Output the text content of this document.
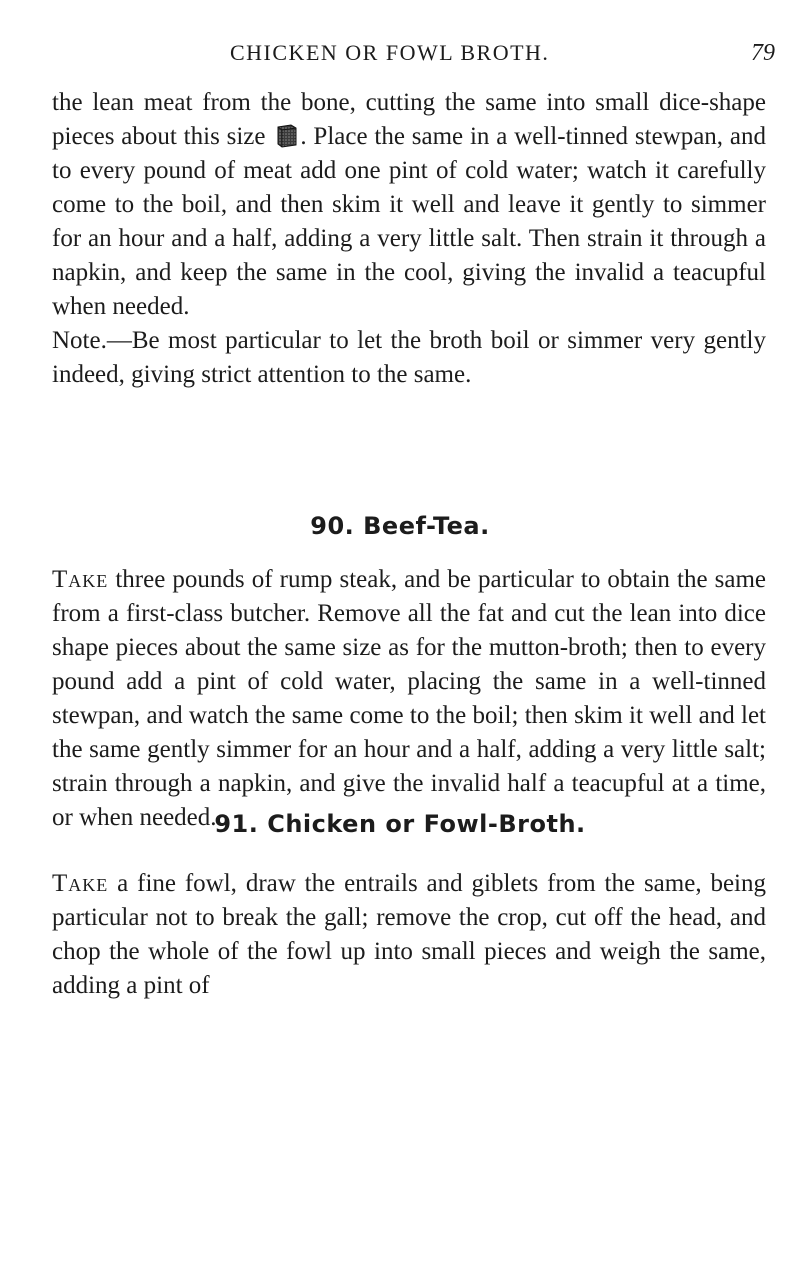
CHICKEN OR FOWL BROTH.	79

the lean meat from the bone, cutting the same into small dice-shape pieces about this size . Place the same in a well-tinned stewpan, and to every pound of meat add one pint of cold water; watch it carefully come to the boil, and then skim it well and leave it gently to simmer for an hour and a half, adding a very little salt. Then strain it through a napkin, and keep the same in the cool, giving the invalid a teacupful when needed.

Note.—Be most particular to let the broth boil or simmer very gently indeed, giving strict attention to the same.

90. Beef-Tea.

Take three pounds of rump steak, and be particular to obtain the same from a first-class butcher. Remove all the fat and cut the lean into dice shape pieces about the same size as for the mutton-broth; then to every pound add a pint of cold water, placing the same in a well-tinned stewpan, and watch the same come to the boil; then skim it well and let the same gently simmer for an hour and a half, adding a very little salt; strain through a napkin, and give the invalid half a teacupful at a time, or when needed.

91. Chicken or Fowl-Broth.

Take a fine fowl, draw the entrails and giblets from the same, being particular not to break the gall; remove the crop, cut off the head, and chop the whole of the fowl up into small pieces and weigh the same, adding a pint of
